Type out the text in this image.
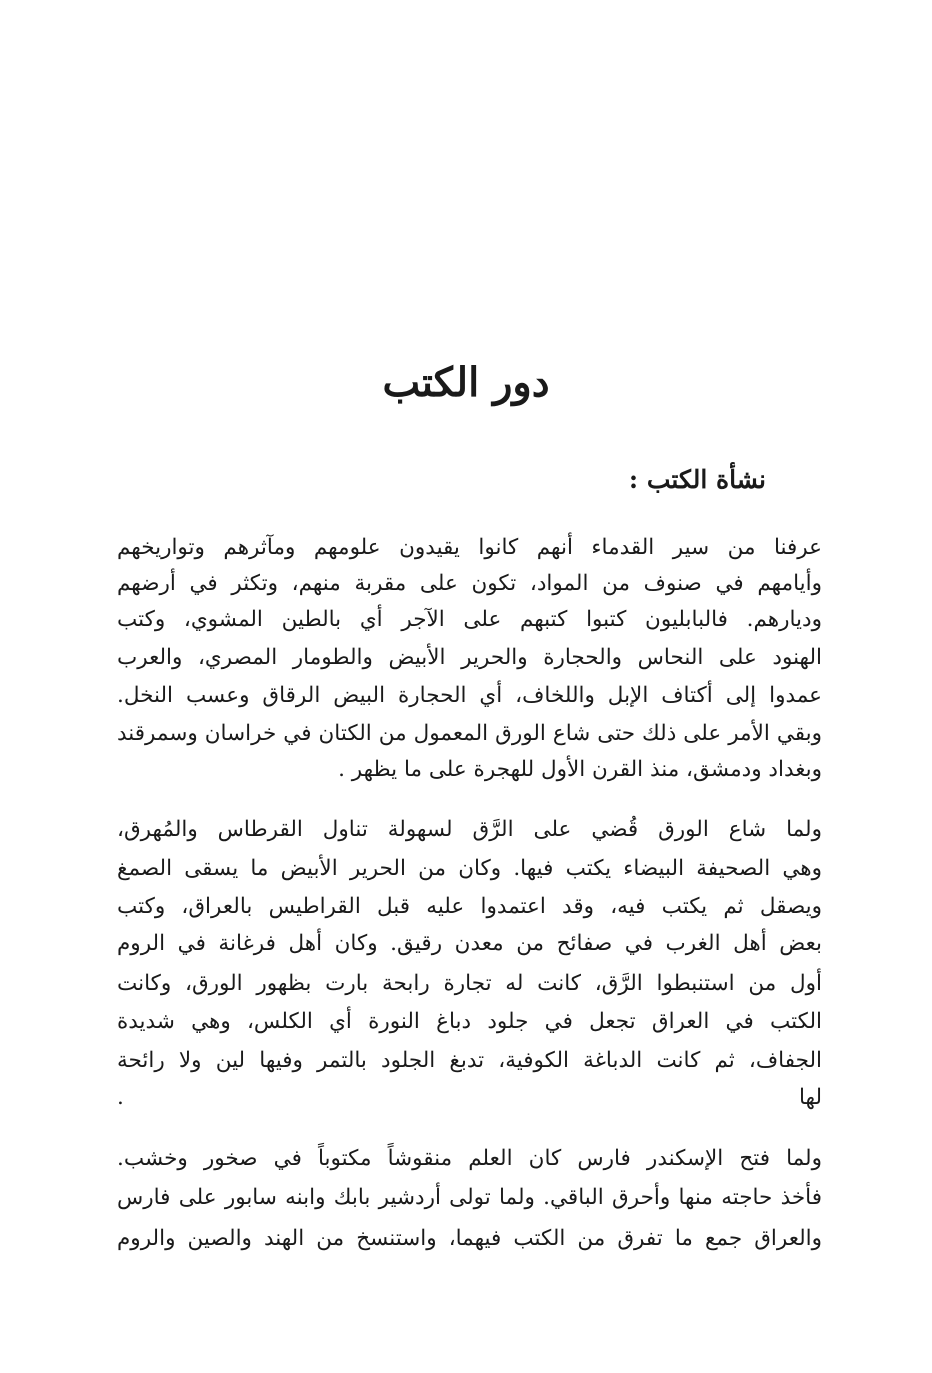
دور الكتب
نشأة الكتب :
عرفنا من سير القدماء أنهم كانوا يقيدون علومهم ومآثرهم وتواريخهم
وأيامهم في صنوف من المواد، تكون على مقربة منهم، وتكثر في أرضهم
وديارهم. فالبابليون كتبوا كتبهم على الآجر أي بالطين المشوي، وكتب
الهنود على النحاس والحجارة والحرير الأبيض والطومار المصري، والعرب
عمدوا إلى أكتاف الإبل واللخاف، أي الحجارة البيض الرقاق وعسب النخل.
وبقي الأمر على ذلك حتى شاع الورق المعمول من الكتان في خراسان وسمرقند
وبغداد ودمشق، منذ القرن الأول للهجرة على ما يظهر .
ولما شاع الورق قُضي على الرَّق لسهولة تناول القرطاس والمُهرق،
وهي الصحيفة البيضاء يكتب فيها. وكان من الحرير الأبيض ما يسقى الصمغ
ويصقل ثم يكتب فيه، وقد اعتمدوا عليه قبل القراطيس بالعراق، وكتب
بعض أهل الغرب في صفائح من معدن رقيق. وكان أهل فرغانة في الروم
أول من استنبطوا الرَّق، كانت له تجارة رابحة بارت بظهور الورق، وكانت
الكتب في العراق تجعل في جلود دباغ النورة أي الكلس، وهي شديدة
الجفاف، ثم كانت الدباغة الكوفية، تدبغ الجلود بالتمر وفيها لين ولا رائحة
لها .
ولما فتح الإسكندر فارس كان العلم منقوشاً مكتوباً في صخور وخشب.
فأخذ حاجته منها وأحرق الباقي. ولما تولى أردشير بابك وابنه سابور على فارس
والعراق جمع ما تفرق من الكتب فيهما، واستنسخ من الهند والصين والروم
